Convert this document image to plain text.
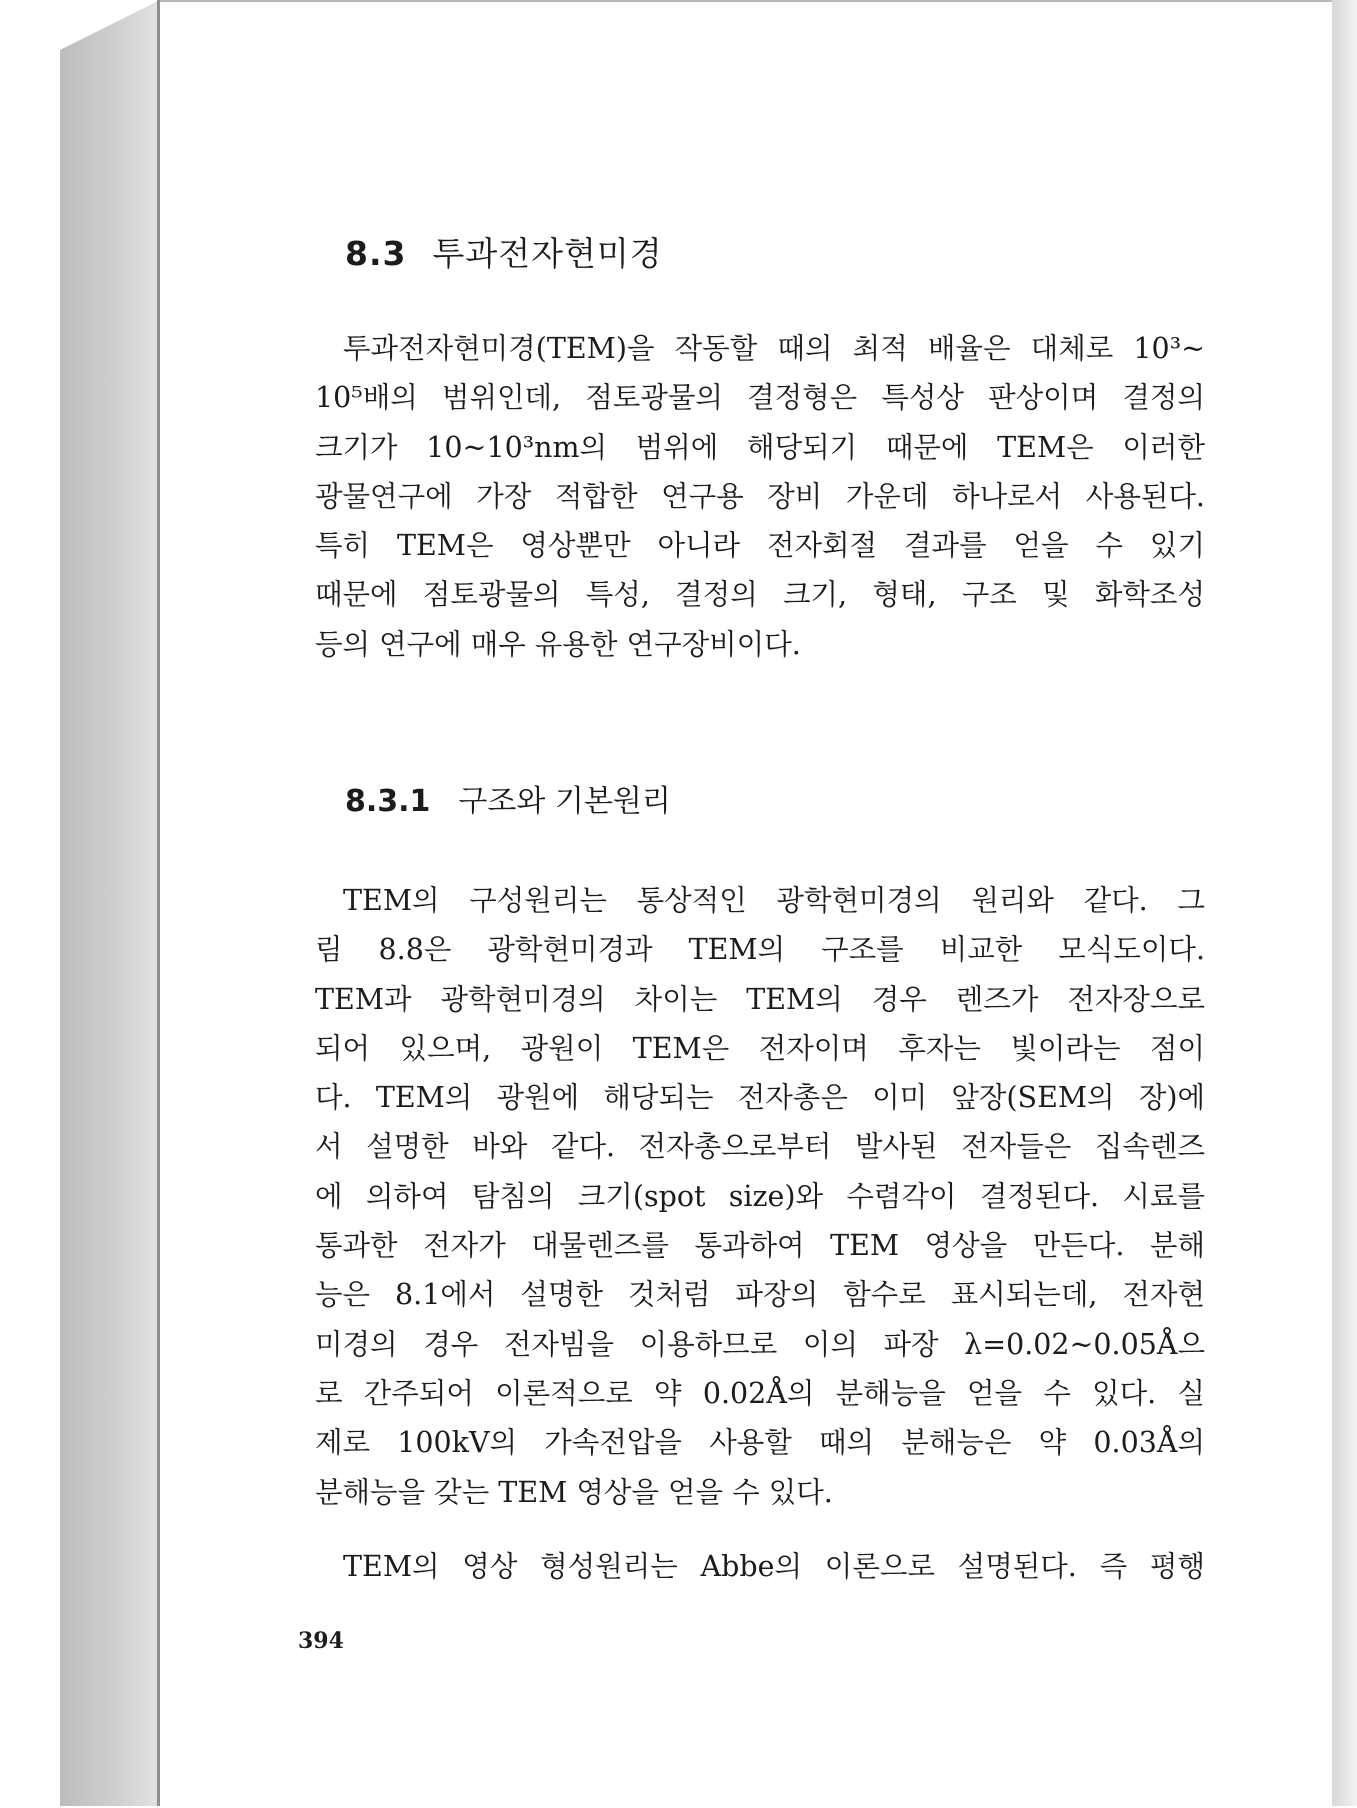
8.3 투과전자현미경

투과전자현미경(TEM)을 작동할 때의 최적 배율은 대체로 10³~
10⁵배의 범위인데, 점토광물의 결정형은 특성상 판상이며 결정의
크기가 10~10³nm의 범위에 해당되기 때문에 TEM은 이러한
광물연구에 가장 적합한 연구용 장비 가운데 하나로서 사용된다.
특히 TEM은 영상뿐만 아니라 전자회절 결과를 얻을 수 있기
때문에 점토광물의 특성, 결정의 크기, 형태, 구조 및 화학조성
등의 연구에 매우 유용한 연구장비이다.

8.3.1 구조와 기본원리

TEM의 구성원리는 통상적인 광학현미경의 원리와 같다. 그
림 8.8은 광학현미경과 TEM의 구조를 비교한 모식도이다.
TEM과 광학현미경의 차이는 TEM의 경우 렌즈가 전자장으로
되어 있으며, 광원이 TEM은 전자이며 후자는 빛이라는 점이
다. TEM의 광원에 해당되는 전자총은 이미 앞장(SEM의 장)에
서 설명한 바와 같다. 전자총으로부터 발사된 전자들은 집속렌즈
에 의하여 탐침의 크기(spot size)와 수렴각이 결정된다. 시료를
통과한 전자가 대물렌즈를 통과하여 TEM 영상을 만든다. 분해
능은 8.1에서 설명한 것처럼 파장의 함수로 표시되는데, 전자현
미경의 경우 전자빔을 이용하므로 이의 파장 λ=0.02~0.05Å으
로 간주되어 이론적으로 약 0.02Å의 분해능을 얻을 수 있다. 실
제로 100kV의 가속전압을 사용할 때의 분해능은 약 0.03Å의
분해능을 갖는 TEM 영상을 얻을 수 있다.

TEM의 영상 형성원리는 Abbe의 이론으로 설명된다. 즉 평행

394
